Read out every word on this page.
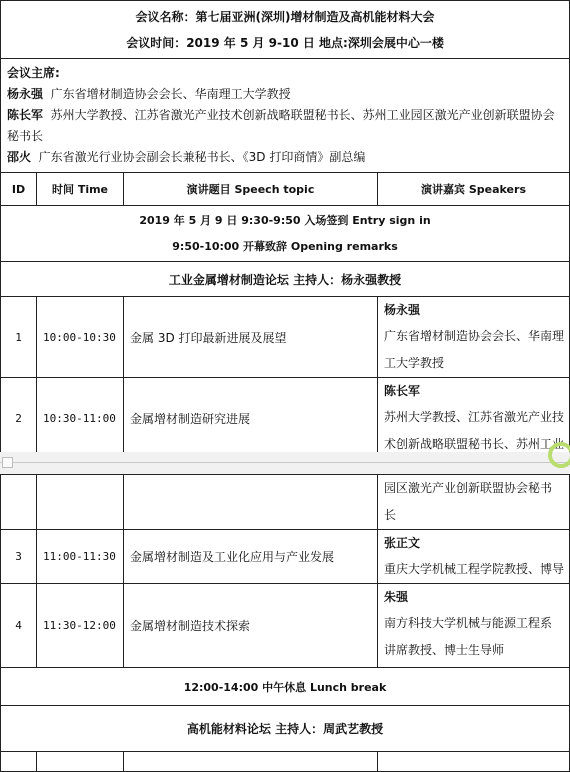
会议名称：第七届亚洲(深圳)增材制造及高机能材料大会
会议时间：2019 年 5 月 9-10 日 地点:深圳会展中心一楼			

会议主席:
杨永强 广东省增材制造协会会长、华南理工大学教授
陈长军 苏州大学教授、江苏省激光产业技术创新战略联盟秘书长、苏州工业园区激光产业创新联盟协会秘书长
邵火 广东省激光行业协会副会长兼秘书长、《3D 打印商情》副总编			

ID	时间 Time	演讲题目 Speech topic	演讲嘉宾 Speakers

2019 年 5 月 9 日 9:30-9:50 入场签到 Entry sign in
9:50-10:00 开幕致辞 Opening remarks			

工业金属增材制造论坛 主持人：杨永强教授			
1	10:00-10:30	金属 3D 打印最新进展及展望	杨永强
广东省增材制造协会会长、华南理
工大学教授

2	10:30-11:00	金属增材制造研究进展	陈长军
苏州大学教授、江苏省激光产业技
术创新战略联盟秘书长、苏州工业

			园区激光产业创新联盟协会秘书
长

3	11:00-11:30	金属增材制造及工业化应用与产业发展	张正文
重庆大学机械工程学院教授、博导

4	11:30-12:00	金属增材制造技术探索	朱强
南方科技大学机械与能源工程系
讲席教授、博士生导师

12:00-14:00 中午休息 Lunch break			
高机能材料论坛 主持人：周武艺教授			
